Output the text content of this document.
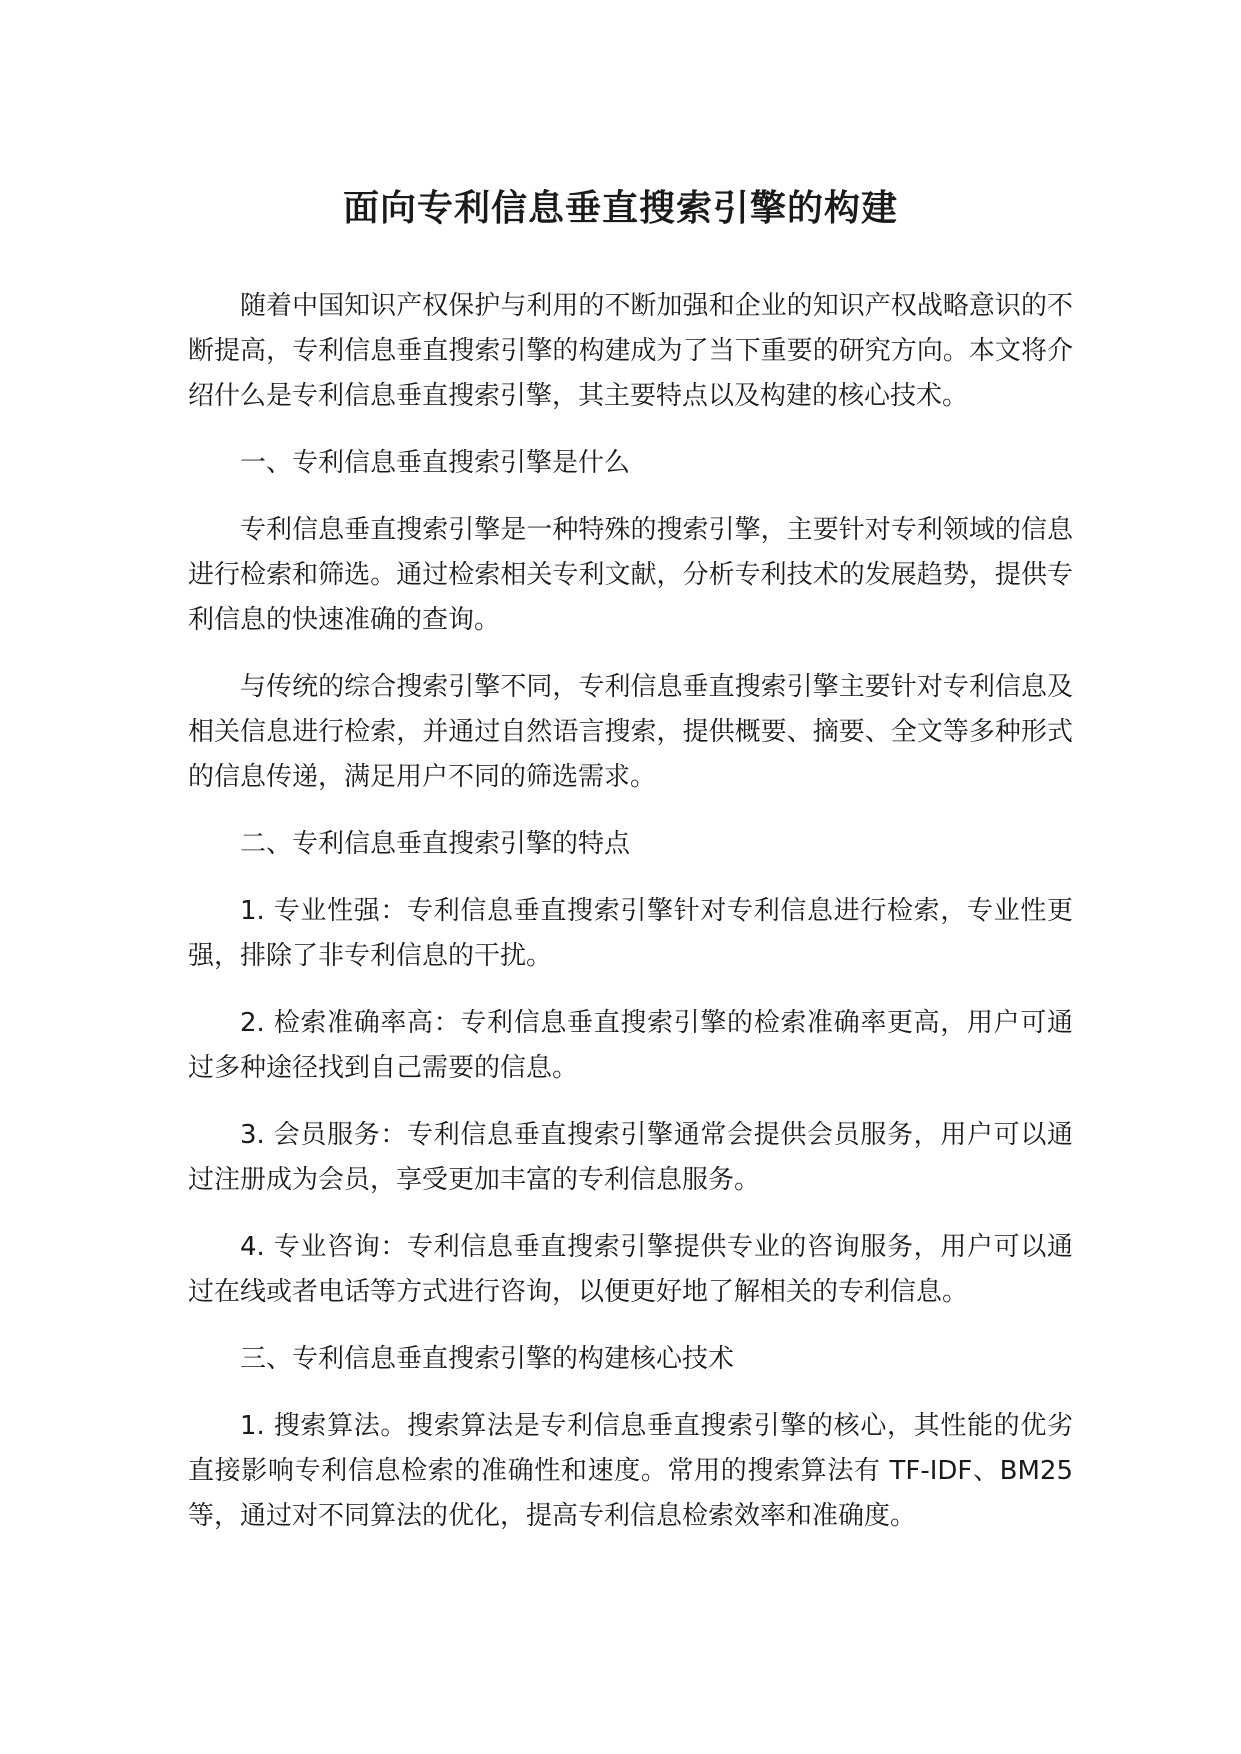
面向专利信息垂直搜索引擎的构建

随着中国知识产权保护与利用的不断加强和企业的知识产权战略意识的不断提高，专利信息垂直搜索引擎的构建成为了当下重要的研究方向。本文将介绍什么是专利信息垂直搜索引擎，其主要特点以及构建的核心技术。

一、专利信息垂直搜索引擎是什么

专利信息垂直搜索引擎是一种特殊的搜索引擎，主要针对专利领域的信息进行检索和筛选。通过检索相关专利文献，分析专利技术的发展趋势，提供专利信息的快速准确的查询。

与传统的综合搜索引擎不同，专利信息垂直搜索引擎主要针对专利信息及相关信息进行检索，并通过自然语言搜索，提供概要、摘要、全文等多种形式的信息传递，满足用户不同的筛选需求。

二、专利信息垂直搜索引擎的特点

1. 专业性强：专利信息垂直搜索引擎针对专利信息进行检索，专业性更强，排除了非专利信息的干扰。

2. 检索准确率高：专利信息垂直搜索引擎的检索准确率更高，用户可通过多种途径找到自己需要的信息。

3. 会员服务：专利信息垂直搜索引擎通常会提供会员服务，用户可以通过注册成为会员，享受更加丰富的专利信息服务。

4. 专业咨询：专利信息垂直搜索引擎提供专业的咨询服务，用户可以通过在线或者电话等方式进行咨询，以便更好地了解相关的专利信息。

三、专利信息垂直搜索引擎的构建核心技术

1. 搜索算法。搜索算法是专利信息垂直搜索引擎的核心，其性能的优劣直接影响专利信息检索的准确性和速度。常用的搜索算法有 TF-IDF、BM25 等，通过对不同算法的优化，提高专利信息检索效率和准确度。
